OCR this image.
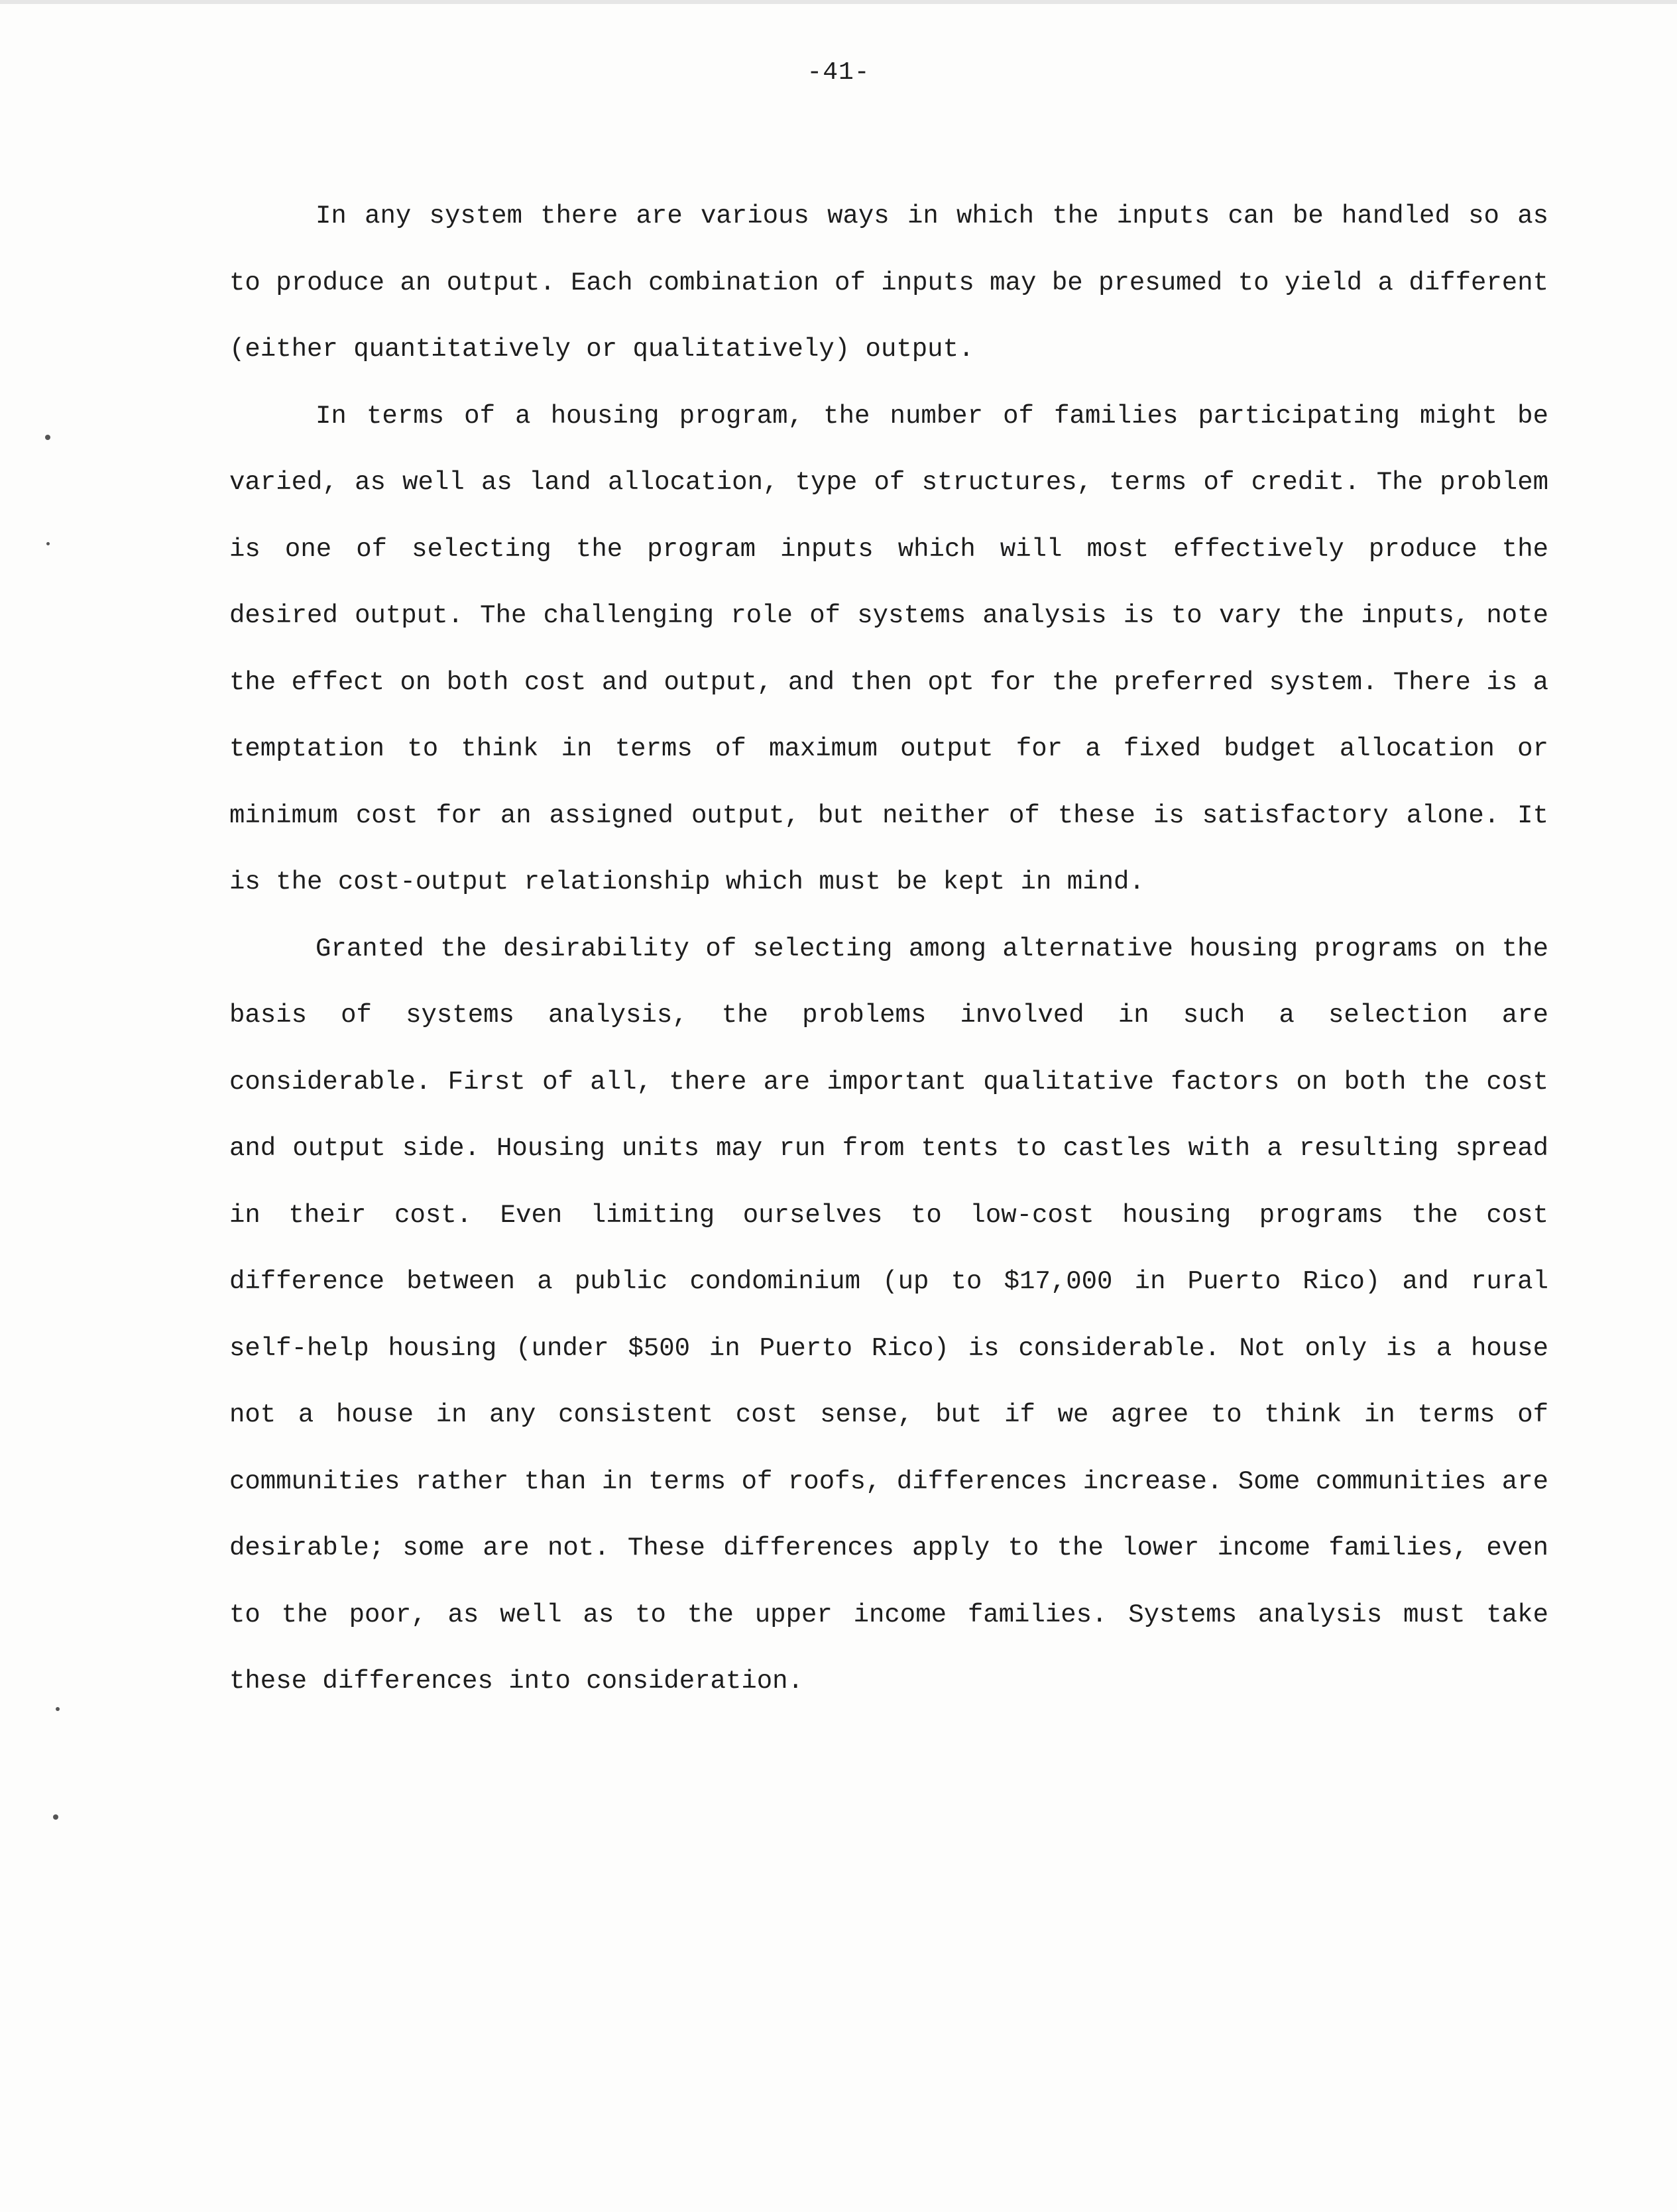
-41-

In any system there are various ways in which the inputs can be handled so as to produce an output. Each combination of inputs may be presumed to yield a different (either quantitatively or qualitatively) output.

In terms of a housing program, the number of families participating might be varied, as well as land allocation, type of structures, terms of credit. The problem is one of selecting the program inputs which will most effectively produce the desired output. The challenging role of systems analysis is to vary the inputs, note the effect on both cost and output, and then opt for the preferred system. There is a temptation to think in terms of maximum output for a fixed budget allocation or minimum cost for an assigned output, but neither of these is satisfactory alone. It is the cost-output relationship which must be kept in mind.

Granted the desirability of selecting among alternative housing programs on the basis of systems analysis, the problems involved in such a selection are considerable. First of all, there are important qualitative factors on both the cost and output side. Housing units may run from tents to castles with a resulting spread in their cost. Even limiting ourselves to low-cost housing programs the cost difference between a public condominium (up to $17,000 in Puerto Rico) and rural self-help housing (under $500 in Puerto Rico) is considerable. Not only is a house not a house in any consistent cost sense, but if we agree to think in terms of communities rather than in terms of roofs, differences increase. Some communities are desirable; some are not. These differences apply to the lower income families, even to the poor, as well as to the upper income families. Systems analysis must take these differences into consideration.
